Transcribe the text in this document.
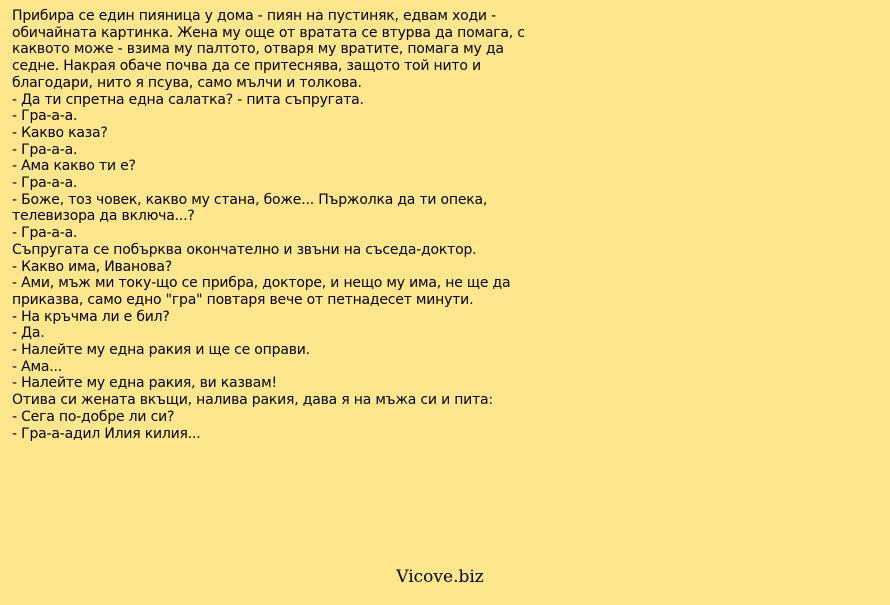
Прибира се един пияница у дома - пиян на пустиняк, едвам ходи -
обичайната картинка. Жена му още от вратата се втурва да помага, с
каквото може - взима му палтото, отваря му вратите, помага му да
седне. Накрая обаче почва да се притеснява, защото той нито и
благодари, нито я псува, само мълчи и толкова.
- Да ти спретна една салатка? - пита съпругата.
- Гра-а-а.
- Какво каза?
- Гра-а-а.
- Ама какво ти е?
- Гра-а-а.
- Боже, тоз човек, какво му стана, боже... Пържолка да ти опека,
телевизора да включа...?
- Гра-а-а.
Съпругата се побърква окончателно и звъни на съседа-доктор.
- Какво има, Иванова?
- Ами, мъж ми току-що се прибра, докторе, и нещо му има, не ще да
приказва, само едно "гра" повтаря вече от петнадесет минути.
- На кръчма ли е бил?
- Да.
- Налейте му една ракия и ще се оправи.
- Ама...
- Налейте му една ракия, ви казвам!
Отива си жената вкъщи, налива ракия, дава я на мъжа си и пита:
- Сега по-добре ли си?
- Гра-а-адил Илия килия...
Vicove.biz
